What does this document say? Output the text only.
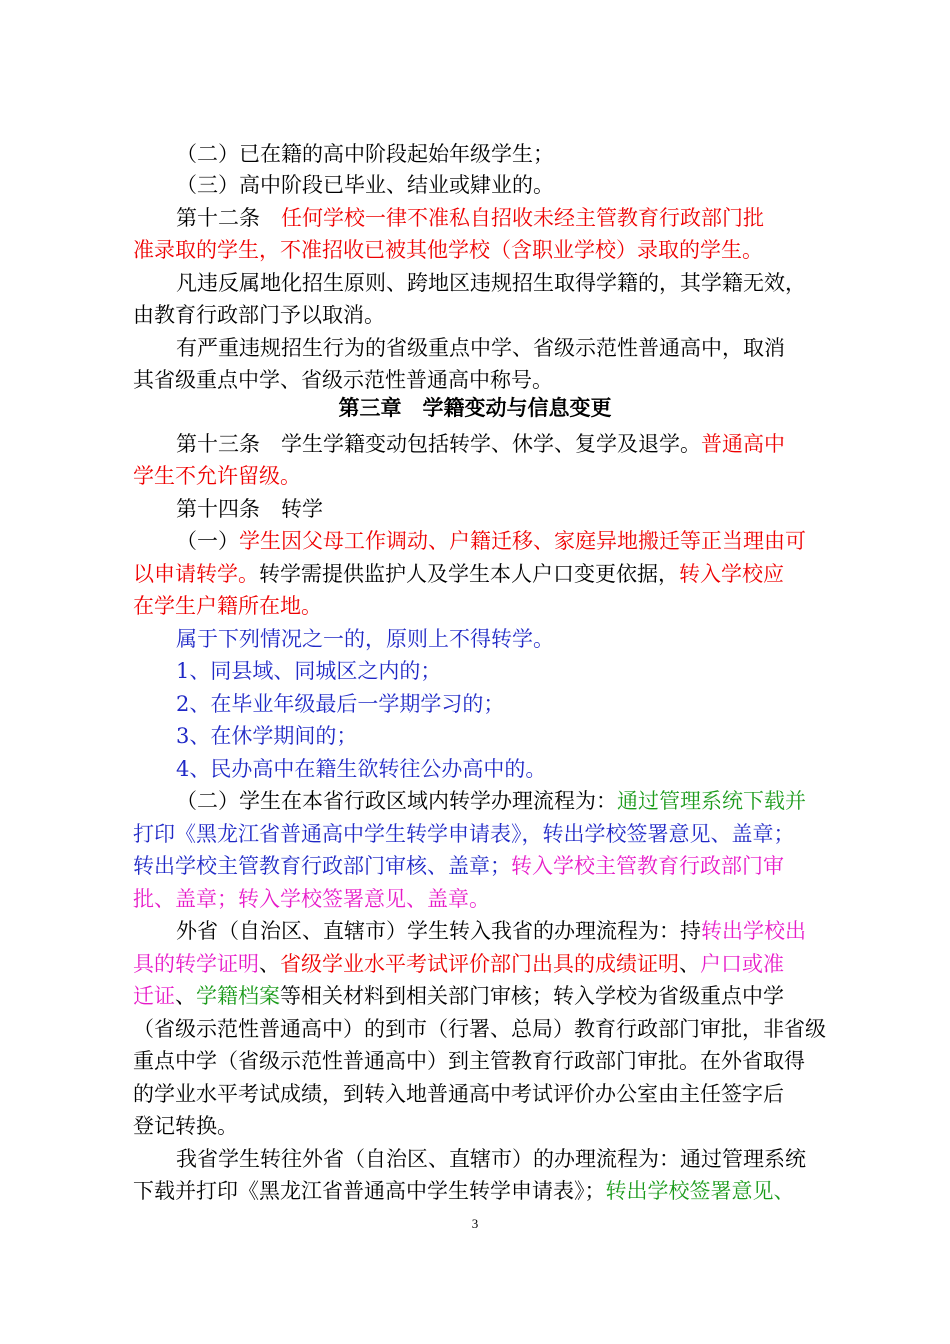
（二）已在籍的高中阶段起始年级学生；
（三）高中阶段已毕业、结业或肄业的。
第十二条　任何学校一律不准私自招收未经主管教育行政部门批
准录取的学生，不准招收已被其他学校（含职业学校）录取的学生。
凡违反属地化招生原则、跨地区违规招生取得学籍的，其学籍无效，
由教育行政部门予以取消。
有严重违规招生行为的省级重点中学、省级示范性普通高中，取消
其省级重点中学、省级示范性普通高中称号。
第三章　学籍变动与信息变更
第十三条　学生学籍变动包括转学、休学、复学及退学。普通高中
学生不允许留级。
第十四条　转学
（一）学生因父母工作调动、户籍迁移、家庭异地搬迁等正当理由可
以申请转学。转学需提供监护人及学生本人户口变更依据，转入学校应
在学生户籍所在地。
属于下列情况之一的，原则上不得转学。
1、同县域、同城区之内的；
2、在毕业年级最后一学期学习的；
3、在休学期间的；
4、民办高中在籍生欲转往公办高中的。
（二）学生在本省行政区域内转学办理流程为：通过管理系统下载并
打印《黑龙江省普通高中学生转学申请表》，转出学校签署意见、盖章；
转出学校主管教育行政部门审核、盖章；转入学校主管教育行政部门审
批、盖章；转入学校签署意见、盖章。
外省（自治区、直辖市）学生转入我省的办理流程为：持转出学校出
具的转学证明、省级学业水平考试评价部门出具的成绩证明、户口或准
迁证、学籍档案等相关材料到相关部门审核；转入学校为省级重点中学
（省级示范性普通高中）的到市（行署、总局）教育行政部门审批，非省级
重点中学（省级示范性普通高中）到主管教育行政部门审批。在外省取得
的学业水平考试成绩，到转入地普通高中考试评价办公室由主任签字后
登记转换。
我省学生转往外省（自治区、直辖市）的办理流程为：通过管理系统
下载并打印《黑龙江省普通高中学生转学申请表》；转出学校签署意见、
3
